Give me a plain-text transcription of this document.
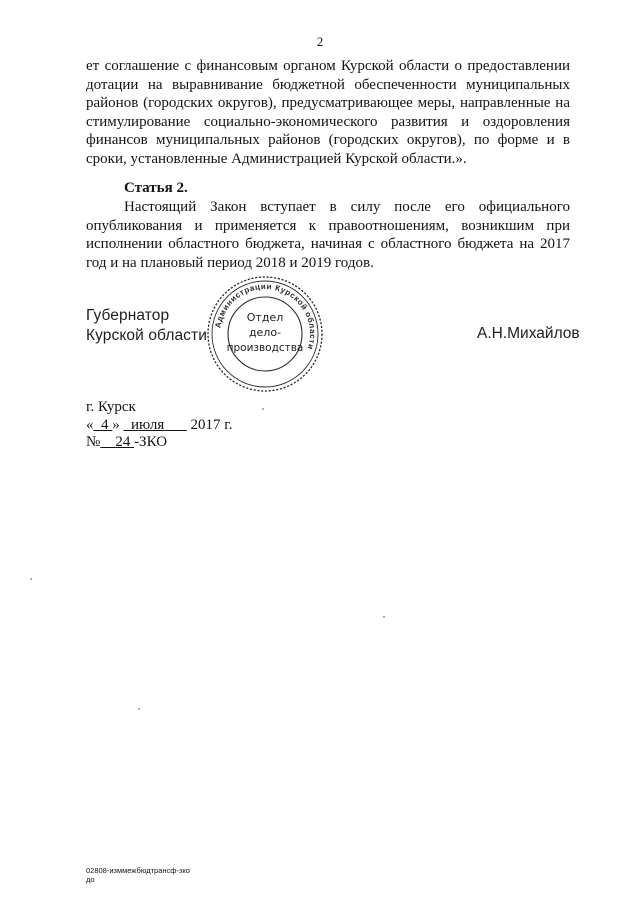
2

ет соглашение с финансовым органом Курской области о предоставлении дотации на выравнивание бюджетной обеспеченности муниципальных районов (городских округов), предусматривающее меры, направленные на стимулирование социально-экономического развития и оздоровления финансов муниципальных районов (городских округов), по форме и в сроки, установленные Администрацией Курской области.».

Статья 2.

Настоящий Закон вступает в силу после его официального опубликования и применяется к правоотношениям, возникшим при исполнении областного бюджета, начиная с областного бюджета на 2017 год и на плановый период 2018 и 2019 годов.

Губернатор
Курской области	А.Н.Михайлов
Администрации Курской области
Отдел
дело-
производства
г. Курск
« 4 » июля 2017 г.
№ 24 -ЗКО
02808-изммежбюдтрансф-зко
до
